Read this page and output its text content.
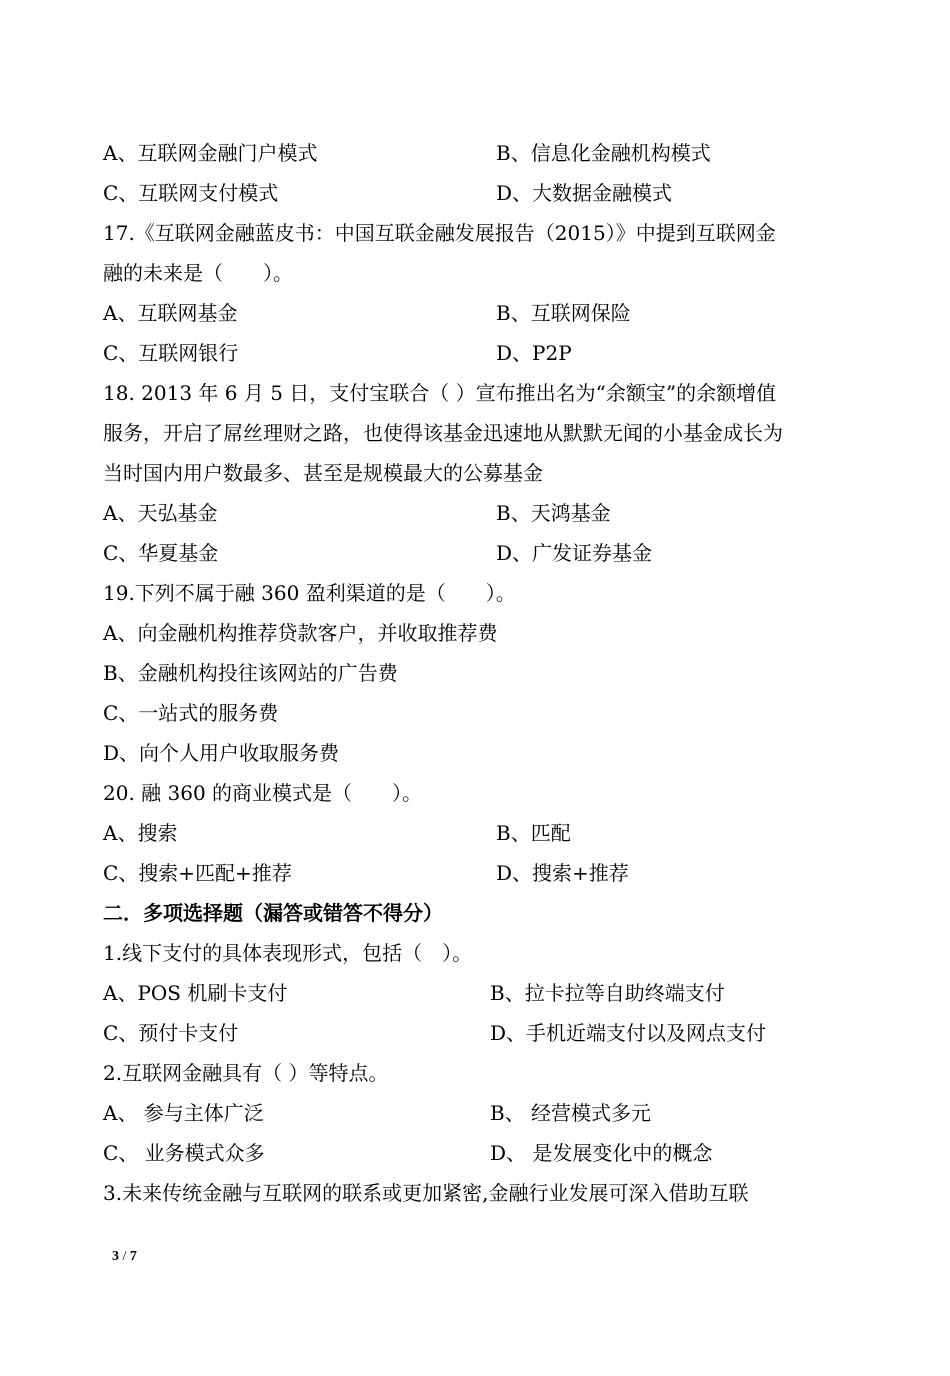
A、互联网金融门户模式	B、信息化金融机构模式
C、互联网支付模式	D、大数据金融模式
17.《互联网金融蓝皮书：中国互联金融发展报告（2015）》中提到互联网金
融的未来是（　　）。
A、互联网基金	B、互联网保险
C、互联网银行	D、P2P
18. 2013 年 6 月 5 日，支付宝联合（ ）宣布推出名为“余额宝”的余额增值
服务，开启了屌丝理财之路，也使得该基金迅速地从默默无闻的小基金成长为
当时国内用户数最多、甚至是规模最大的公募基金
A、天弘基金	B、天鸿基金
C、华夏基金	D、广发证券基金
19.下列不属于融 360 盈利渠道的是（　　）。
A、向金融机构推荐贷款客户，并收取推荐费
B、金融机构投往该网站的广告费
C、一站式的服务费
D、向个人用户收取服务费
20. 融 360 的商业模式是（　　）。
A、搜索	B、匹配
C、搜索+匹配+推荐	D、搜索+推荐
二．多项选择题（漏答或错答不得分）
1.线下支付的具体表现形式，包括（　）。
A、POS 机刷卡支付	B、拉卡拉等自助终端支付
C、预付卡支付	D、手机近端支付以及网点支付
2.互联网金融具有（ ）等特点。
A、 参与主体广泛	B、 经营模式多元
C、 业务模式众多	D、 是发展变化中的概念
3.未来传统金融与互联网的联系或更加紧密,金融行业发展可深入借助互联
3 / 7
